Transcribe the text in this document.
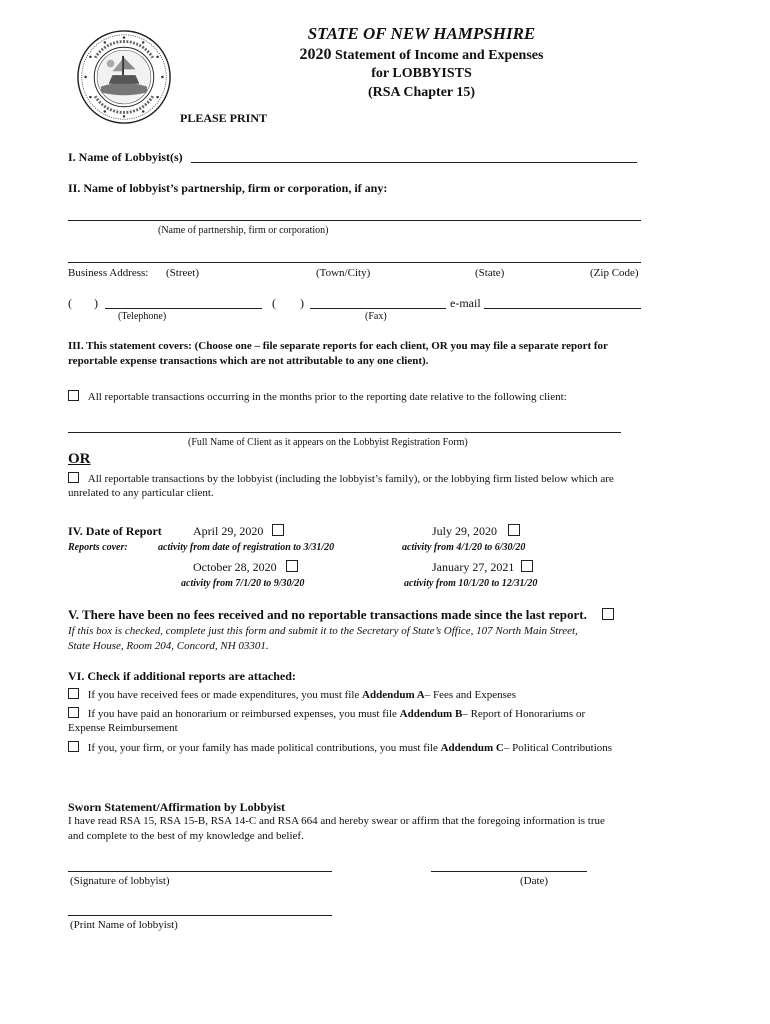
STATE OF NEW HAMPSHIRE
2020 Statement of Income and Expenses
for LOBBYISTS
(RSA Chapter 15)
PLEASE PRINT
I. Name of Lobbyist(s)
II. Name of lobbyist’s partnership, firm or corporation, if any:
(Name of partnership, firm or corporation)
Business Address: (Street)	(Town/City)	(State)	(Zip Code)
( )	( )	e-mail
(Telephone)	(Fax)
III. This statement covers: (Choose one – file separate reports for each client, OR you may file a separate report for
reportable expense transactions which are not attributable to any one client).
All reportable transactions occurring in the months prior to the reporting date relative to the following client:
(Full Name of Client as it appears on the Lobbyist Registration Form)
OR
All reportable transactions by the lobbyist (including the lobbyist’s family), or the lobbying firm listed below which are
unrelated to any particular client.
IV. Date of Report
Reports cover:
April 29, 2020
activity from date of registration to 3/31/20
July 29, 2020
activity from 4/1/20 to 6/30/20
October 28, 2020
activity from 7/1/20 to 9/30/20
January 27, 2021
activity from 10/1/20 to 12/31/20
V. There have been no fees received and no reportable transactions made since the last report.
If this box is checked, complete just this form and submit it to the Secretary of State’s Office, 107 North Main Street,
State House, Room 204, Concord, NH 03301.
VI. Check if additional reports are attached:
If you have received fees or made expenditures, you must file Addendum A– Fees and Expenses
If you have paid an honorarium or reimbursed expenses, you must file Addendum B– Report of Honorariums or
Expense Reimbursement
If you, your firm, or your family has made political contributions, you must file Addendum C– Political Contributions
Sworn Statement/Affirmation by Lobbyist
I have read RSA 15, RSA 15-B, RSA 14-C and RSA 664 and hereby swear or affirm that the foregoing information is true
and complete to the best of my knowledge and belief.
(Signature of lobbyist)	(Date)
(Print Name of lobbyist)
